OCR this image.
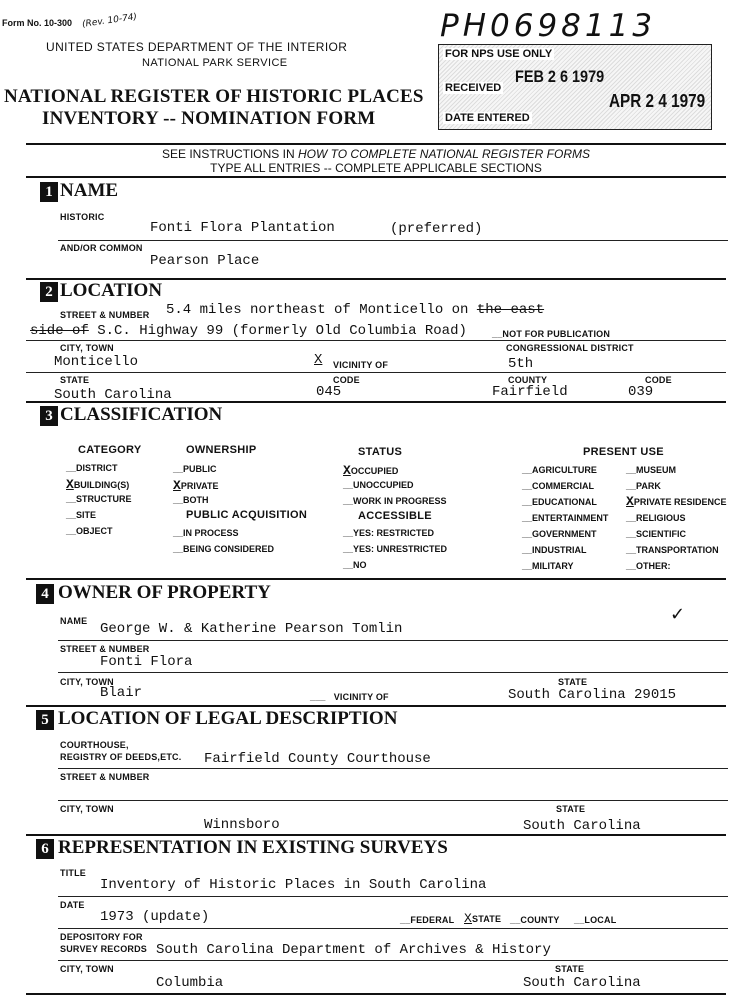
Form No. 10-300 (Rev. 10-74)
UNITED STATES DEPARTMENT OF THE INTERIOR
NATIONAL PARK SERVICE
NATIONAL REGISTER OF HISTORIC PLACES
INVENTORY -- NOMINATION FORM
PH0698113
FOR NPS USE ONLY
RECEIVED
FEB 2 6 1979
APR 2 4 1979
DATE ENTERED
SEE INSTRUCTIONS IN HOW TO COMPLETE NATIONAL REGISTER FORMS
TYPE ALL ENTRIES -- COMPLETE APPLICABLE SECTIONS
1 NAME
HISTORIC
Fonti Flora Plantation	(preferred)
AND/OR COMMON
Pearson Place
2 LOCATION
STREET & NUMBER 5.4 miles northeast of Monticello on the east
side of S.C. Highway 99 (formerly Old Columbia Road)	__NOT FOR PUBLICATION
CITY, TOWN
Monticello	X VICINITY OF
CONGRESSIONAL DISTRICT
5th
STATE
South Carolina
CODE
045
COUNTY
Fairfield
CODE
039
3 CLASSIFICATION
CATEGORY
__DISTRICT
XBUILDING(S)
__STRUCTURE
__SITE
__OBJECT
OWNERSHIP
__PUBLIC
XPRIVATE
__BOTH
PUBLIC ACQUISITION
__IN PROCESS
__BEING CONSIDERED
STATUS
XOCCUPIED
__UNOCCUPIED
__WORK IN PROGRESS
ACCESSIBLE
__YES: RESTRICTED
__YES: UNRESTRICTED
__NO
PRESENT USE
__AGRICULTURE
__COMMERCIAL
__EDUCATIONAL
__ENTERTAINMENT
__GOVERNMENT
__INDUSTRIAL
__MILITARY
__MUSEUM
__PARK
XPRIVATE RESIDENCE
__RELIGIOUS
__SCIENTIFIC
__TRANSPORTATION
__OTHER:
4 OWNER OF PROPERTY
NAME George W. & Katherine Pearson Tomlin
✓
STREET & NUMBER
Fonti Flora
CITY, TOWN
Blair	___   VICINITY OF
STATE
South Carolina 29015
5 LOCATION OF LEGAL DESCRIPTION
COURTHOUSE,
REGISTRY OF DEEDS,ETC. Fairfield County Courthouse
STREET & NUMBER
CITY, TOWN
Winnsboro
STATE
South Carolina
6 REPRESENTATION IN EXISTING SURVEYS
TITLE
Inventory of Historic Places in South Carolina
DATE
1973 (update)	__FEDERAL XSTATE __COUNTY __LOCAL
DEPOSITORY FOR
SURVEY RECORDS South Carolina Department of Archives & History
CITY, TOWN
Columbia
STATE
South Carolina
